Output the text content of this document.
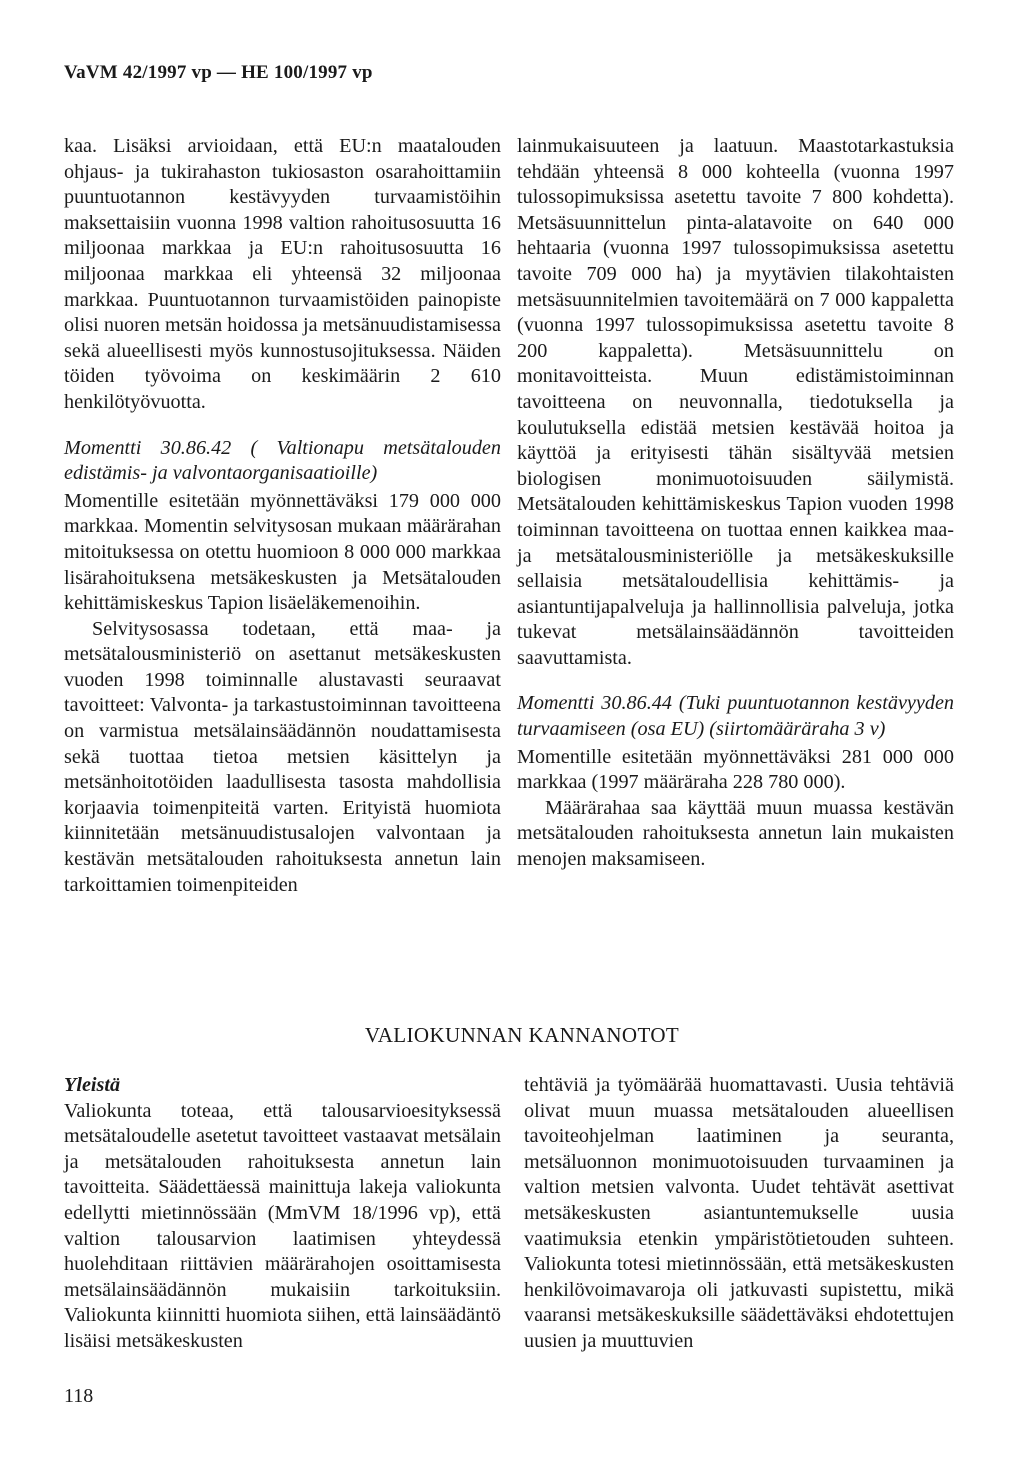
VaVM 42/1997 vp — HE 100/1997 vp

kaa. Lisäksi arvioidaan, että EU:n maatalouden ohjaus- ja tukirahaston tukiosaston osarahoittamiin puuntuotannon kestävyyden turvaamistöihin maksettaisiin vuonna 1998 valtion rahoitusosuutta 16 miljoonaa markkaa ja EU:n rahoitusosuutta 16 miljoonaa markkaa eli yhteensä 32 miljoonaa markkaa. Puuntuotannon turvaamistöiden painopiste olisi nuoren metsän hoidossa ja metsänuudistamisessa sekä alueellisesti myös kunnostusojituksessa. Näiden töiden työvoima on keskimäärin 2 610 henkilötyövuotta.

Momentti 30.86.42 ( Valtionapu metsätalouden edistämis- ja valvontaorganisaatioille)

Momentille esitetään myönnettäväksi 179 000 000 markkaa. Momentin selvitysosan mukaan määrärahan mitoituksessa on otettu huomioon 8 000 000 markkaa lisärahoituksena metsäkeskusten ja Metsätalouden kehittämiskeskus Tapion lisäeläkemenoihin.

Selvitysosassa todetaan, että maa- ja metsätalousministeriö on asettanut metsäkeskusten vuoden 1998 toiminnalle alustavasti seuraavat tavoitteet: Valvonta- ja tarkastustoiminnan tavoitteena on varmistua metsälainsäädännön noudattamisesta sekä tuottaa tietoa metsien käsittelyn ja metsänhoitotöiden laadullisesta tasosta mahdollisia korjaavia toimenpiteitä varten. Erityistä huomiota kiinnitetään metsänuudistusalojen valvontaan ja kestävän metsätalouden rahoituksesta annetun lain tarkoittamien toimenpiteiden

lainmukaisuuteen ja laatuun. Maastotarkastuksia tehdään yhteensä 8 000 kohteella (vuonna 1997 tulossopimuksissa asetettu tavoite 7 800 kohdetta). Metsäsuunnittelun pinta-alatavoite on 640 000 hehtaaria (vuonna 1997 tulossopimuksissa asetettu tavoite 709 000 ha) ja myytävien tilakohtaisten metsäsuunnitelmien tavoitemäärä on 7 000 kappaletta (vuonna 1997 tulossopimuksissa asetettu tavoite 8 200 kappaletta). Metsäsuunnittelu on monitavoitteista. Muun edistämistoiminnan tavoitteena on neuvonnalla, tiedotuksella ja koulutuksella edistää metsien kestävää hoitoa ja käyttöä ja erityisesti tähän sisältyvää metsien biologisen monimuotoisuuden säilymistä. Metsätalouden kehittämiskeskus Tapion vuoden 1998 toiminnan tavoitteena on tuottaa ennen kaikkea maa- ja metsätalousministeriölle ja metsäkeskuksille sellaisia metsätaloudellisia kehittämis- ja asiantuntijapalveluja ja hallinnollisia palveluja, jotka tukevat metsälainsäädännön tavoitteiden saavuttamista.

Momentti 30.86.44 (Tuki puuntuotannon kestävyyden turvaamiseen (osa EU) (siirtomääräraha 3 v)

Momentille esitetään myönnettäväksi 281 000 000 markkaa (1997 määräraha 228 780 000).

Määrärahaa saa käyttää muun muassa kestävän metsätalouden rahoituksesta annetun lain mukaisten menojen maksamiseen.

VALIOKUNNAN KANNANOTOT

Yleistä

Valiokunta toteaa, että talousarvioesityksessä metsätaloudelle asetetut tavoitteet vastaavat metsälain ja metsätalouden rahoituksesta annetun lain tavoitteita. Säädettäessä mainittuja lakeja valiokunta edellytti mietinnössään (MmVM 18/1996 vp), että valtion talousarvion laatimisen yhteydessä huolehditaan riittävien määrärahojen osoittamisesta metsälainsäädännön mukaisiin tarkoituksiin. Valiokunta kiinnitti huomiota siihen, että lainsäädäntö lisäisi metsäkeskusten

tehtäviä ja työmäärää huomattavasti. Uusia tehtäviä olivat muun muassa metsätalouden alueellisen tavoiteohjelman laatiminen ja seuranta, metsäluonnon monimuotoisuuden turvaaminen ja valtion metsien valvonta. Uudet tehtävät asettivat metsäkeskusten asiantuntemukselle uusia vaatimuksia etenkin ympäristötietouden suhteen. Valiokunta totesi mietinnössään, että metsäkeskusten henkilövoimavaroja oli jatkuvasti supistettu, mikä vaaransi metsäkeskuksille säädettäväksi ehdotettujen uusien ja muuttuvien

118
